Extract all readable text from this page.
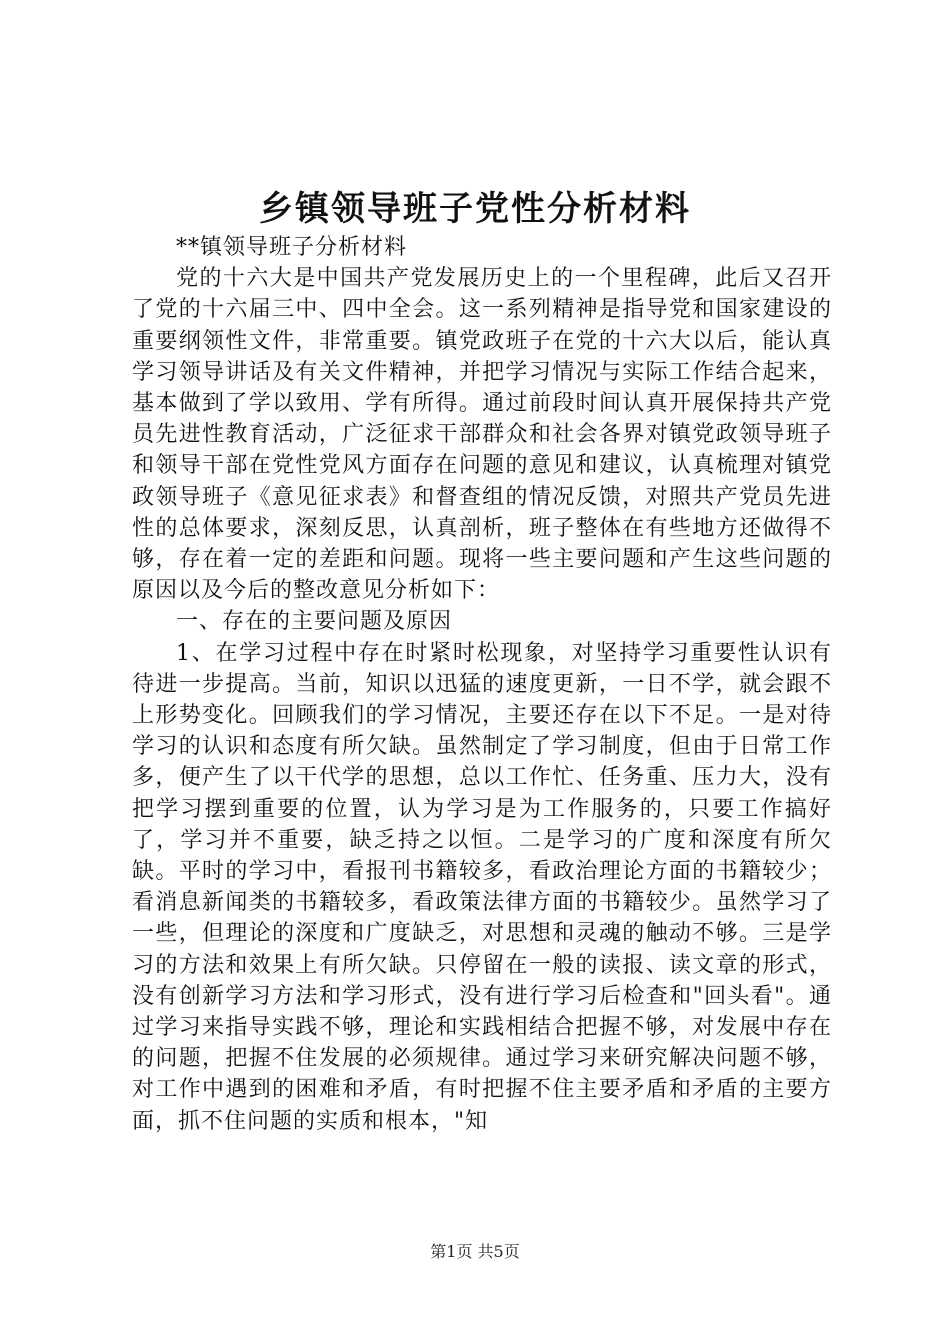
乡镇领导班子党性分析材料

**镇领导班子分析材料

党的十六大是中国共产党发展历史上的一个里程碑，此后又召开了党的十六届三中、四中全会。这一系列精神是指导党和国家建设的重要纲领性文件，非常重要。镇党政班子在党的十六大以后，能认真学习领导讲话及有关文件精神，并把学习情况与实际工作结合起来，基本做到了学以致用、学有所得。通过前段时间认真开展保持共产党员先进性教育活动，广泛征求干部群众和社会各界对镇党政领导班子和领导干部在党性党风方面存在问题的意见和建议，认真梳理对镇党政领导班子《意见征求表》和督查组的情况反馈，对照共产党员先进性的总体要求，深刻反思，认真剖析，班子整体在有些地方还做得不够，存在着一定的差距和问题。现将一些主要问题和产生这些问题的原因以及今后的整改意见分析如下：

一、存在的主要问题及原因

1、在学习过程中存在时紧时松现象，对坚持学习重要性认识有待进一步提高。当前，知识以迅猛的速度更新，一日不学，就会跟不上形势变化。回顾我们的学习情况，主要还存在以下不足。一是对待学习的认识和态度有所欠缺。虽然制定了学习制度，但由于日常工作多，便产生了以干代学的思想，总以工作忙、任务重、压力大，没有把学习摆到重要的位置，认为学习是为工作服务的，只要工作搞好了，学习并不重要，缺乏持之以恒。二是学习的广度和深度有所欠缺。平时的学习中，看报刊书籍较多，看政治理论方面的书籍较少；看消息新闻类的书籍较多，看政策法律方面的书籍较少。虽然学习了一些，但理论的深度和广度缺乏，对思想和灵魂的触动不够。三是学习的方法和效果上有所欠缺。只停留在一般的读报、读文章的形式，没有创新学习方法和学习形式，没有进行学习后检查和"回头看"。通过学习来指导实践不够，理论和实践相结合把握不够，对发展中存在的问题，把握不住发展的必须规律。通过学习来研究解决问题不够，对工作中遇到的困难和矛盾，有时把握不住主要矛盾和矛盾的主要方面，抓不住问题的实质和根本，"知

第1页 共5页
